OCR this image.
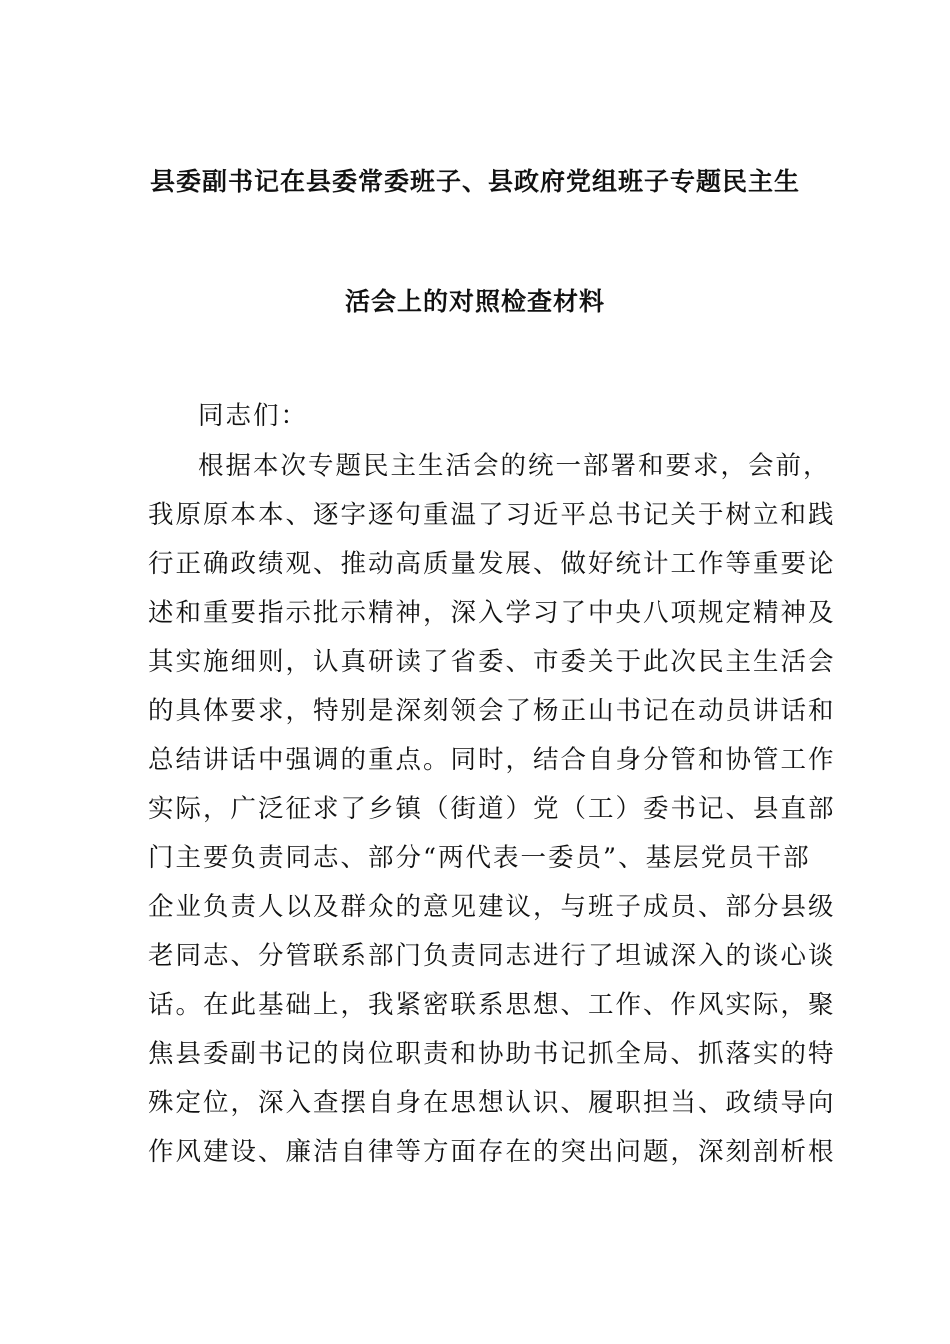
县委副书记在县委常委班子、县政府党组班子专题民主生
活会上的对照检查材料
同志们：
根据本次专题民主生活会的统一部署和要求，会前，
我原原本本、逐字逐句重温了习近平总书记关于树立和践
行正确政绩观、推动高质量发展、做好统计工作等重要论
述和重要指示批示精神，深入学习了中央八项规定精神及
其实施细则，认真研读了省委、市委关于此次民主生活会
的具体要求，特别是深刻领会了杨正山书记在动员讲话和
总结讲话中强调的重点。同时，结合自身分管和协管工作
实际，广泛征求了乡镇（街道）党（工）委书记、县直部
门主要负责同志、部分“两代表一委员”、基层党员干部
企业负责人以及群众的意见建议，与班子成员、部分县级
老同志、分管联系部门负责同志进行了坦诚深入的谈心谈
话。在此基础上，我紧密联系思想、工作、作风实际，聚
焦县委副书记的岗位职责和协助书记抓全局、抓落实的特
殊定位，深入查摆自身在思想认识、履职担当、政绩导向
作风建设、廉洁自律等方面存在的突出问题，深刻剖析根
